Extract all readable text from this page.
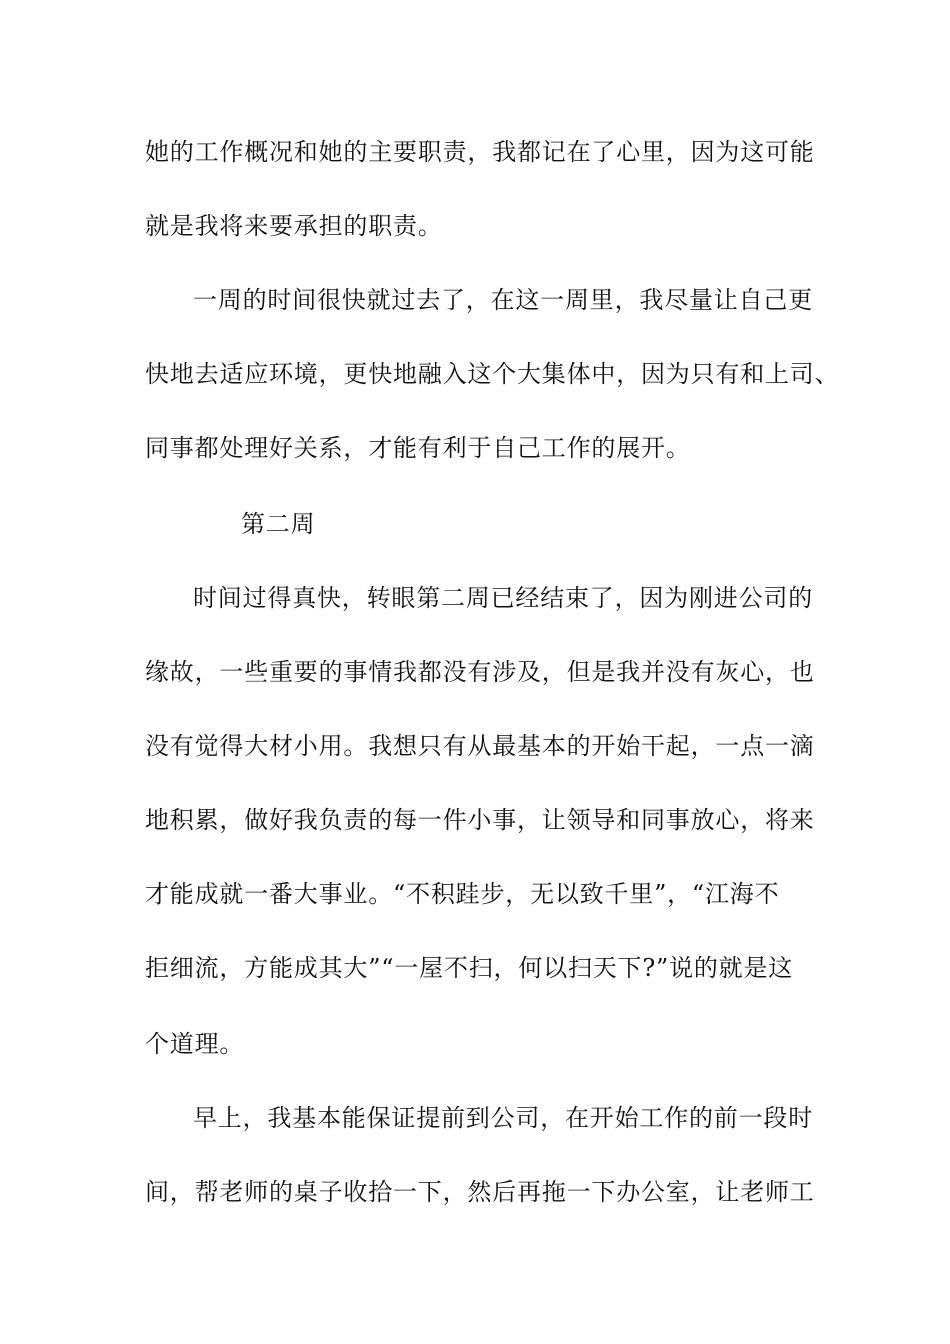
她的工作概况和她的主要职责，我都记在了心里，因为这可能
就是我将来要承担的职责。
一周的时间很快就过去了，在这一周里，我尽量让自己更
快地去适应环境，更快地融入这个大集体中，因为只有和上司、
同事都处理好关系，才能有利于自己工作的展开。
第二周
时间过得真快，转眼第二周已经结束了，因为刚进公司的
缘故，一些重要的事情我都没有涉及，但是我并没有灰心，也
没有觉得大材小用。我想只有从最基本的开始干起，一点一滴
地积累，做好我负责的每一件小事，让领导和同事放心，将来
才能成就一番大事业。“不积跬步，无以致千里”，“江海不
拒细流，方能成其大”“一屋不扫，何以扫天下?”说的就是这
个道理。
早上，我基本能保证提前到公司，在开始工作的前一段时
间，帮老师的桌子收拾一下，然后再拖一下办公室，让老师工
